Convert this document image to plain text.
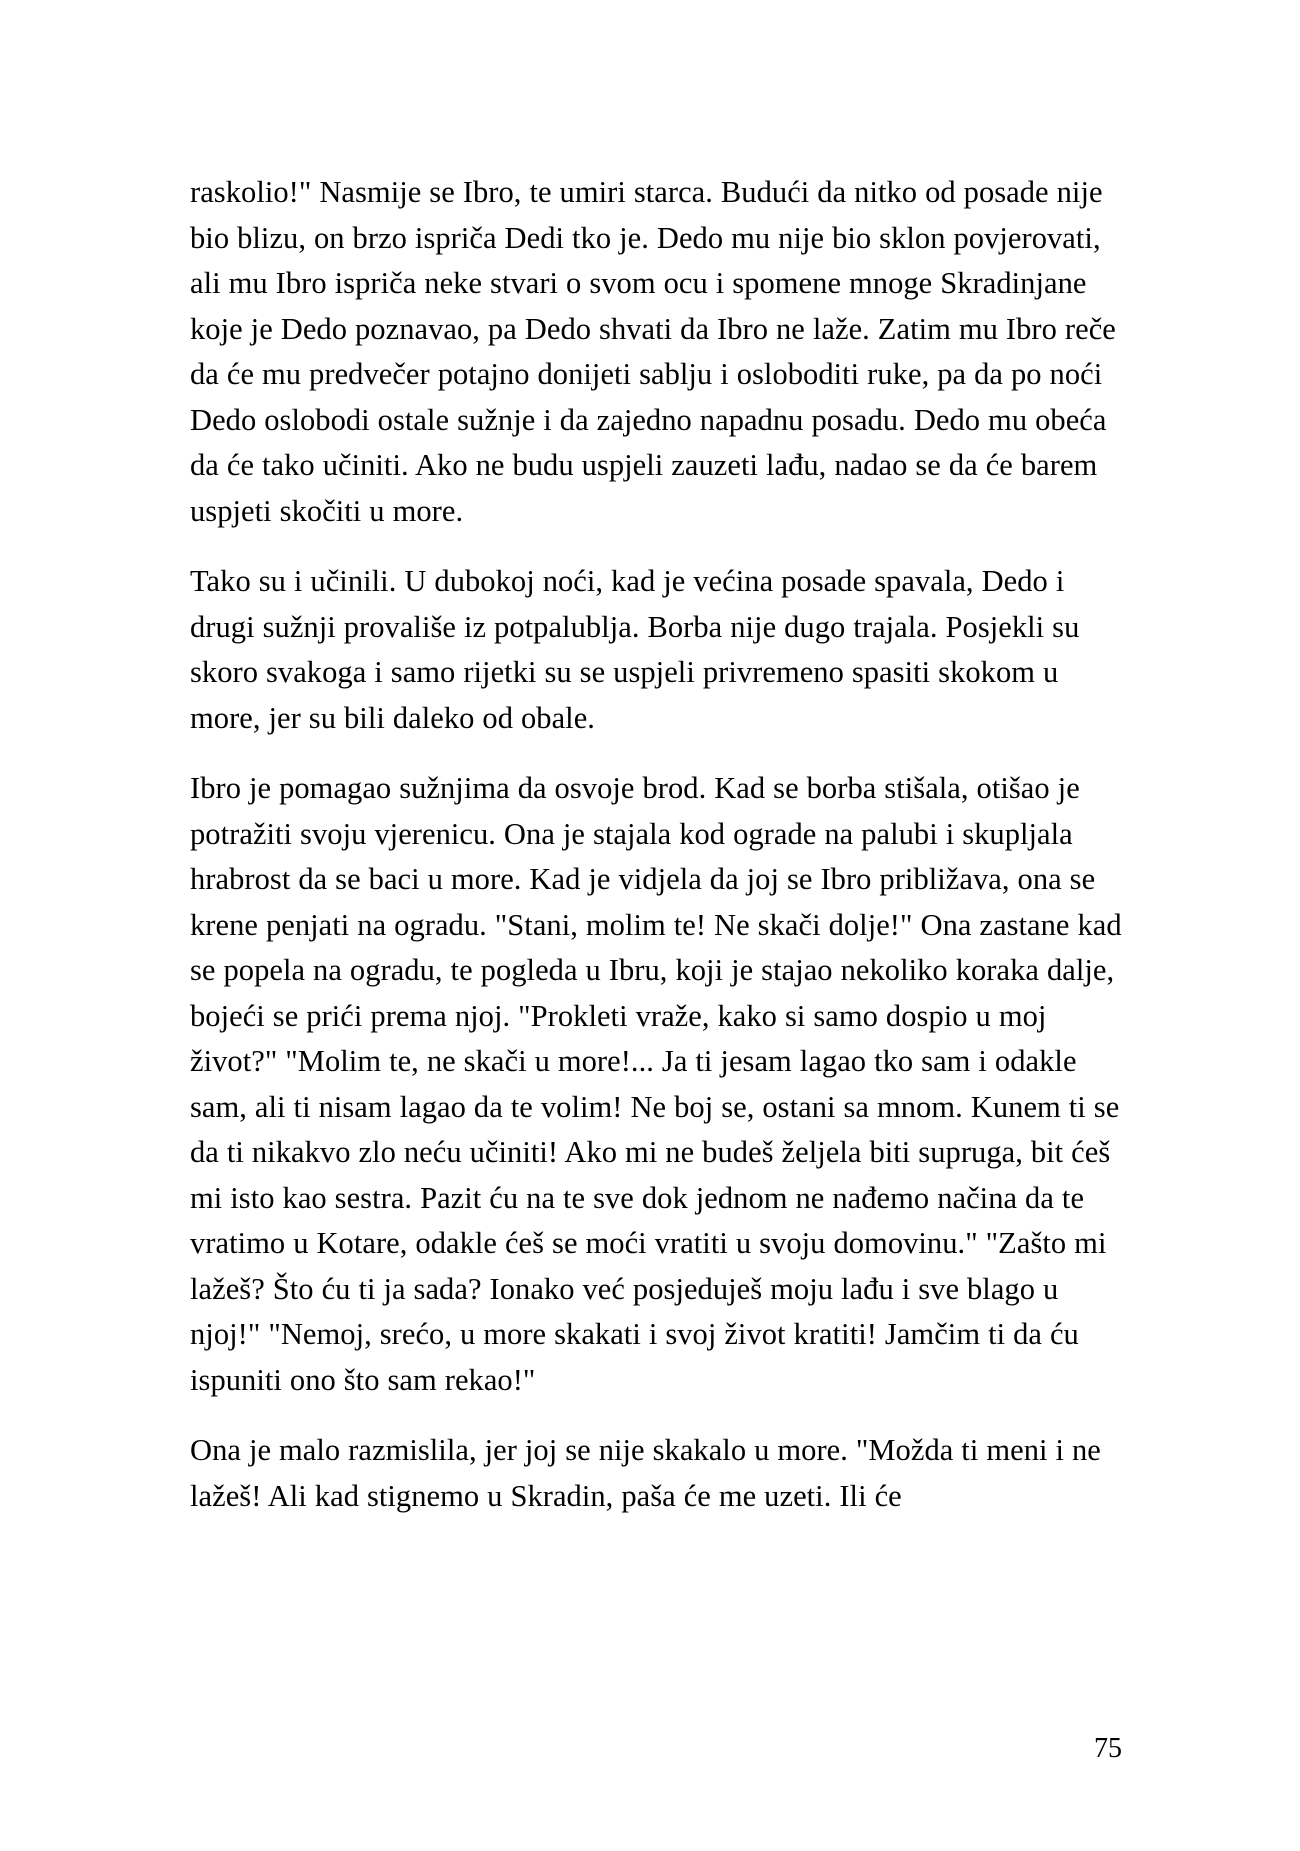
raskolio!" Nasmije se Ibro, te umiri starca. Budući da nitko od posade nije bio blizu, on brzo ispriča Dedi tko je. Dedo mu nije bio sklon povjerovati, ali mu Ibro ispriča neke stvari o svom ocu i spomene mnoge Skradinjane koje je Dedo poznavao, pa Dedo shvati da Ibro ne laže. Zatim mu Ibro reče da će mu predvečer potajno donijeti sablju i osloboditi ruke, pa da po noći Dedo oslobodi ostale sužnje i da zajedno napadnu posadu. Dedo mu obeća da će tako učiniti. Ako ne budu uspjeli zauzeti lađu, nadao se da će barem uspjeti skočiti u more.

Tako su i učinili. U dubokoj noći, kad je većina posade spavala, Dedo i drugi sužnji provališe iz potpalublja. Borba nije dugo trajala. Posjekli su skoro svakoga i samo rijetki su se uspjeli privremeno spasiti skokom u more, jer su bili daleko od obale.

Ibro je pomagao sužnjima da osvoje brod. Kad se borba stišala, otišao je potražiti svoju vjerenicu. Ona je stajala kod ograde na palubi i skupljala hrabrost da se baci u more. Kad je vidjela da joj se Ibro približava, ona se krene penjati na ogradu. "Stani, molim te! Ne skači dolje!" Ona zastane kad se popela na ogradu, te pogleda u Ibru, koji je stajao nekoliko koraka dalje, bojeći se prići prema njoj. "Prokleti vraže, kako si samo dospio u moj život?" "Molim te, ne skači u more!... Ja ti jesam lagao tko sam i odakle sam, ali ti nisam lagao da te volim! Ne boj se, ostani sa mnom. Kunem ti se da ti nikakvo zlo neću učiniti! Ako mi ne budeš željela biti supruga, bit ćeš mi isto kao sestra. Pazit ću na te sve dok jednom ne nađemo načina da te vratimo u Kotare, odakle ćeš se moći vratiti u svoju domovinu." "Zašto mi lažeš? Što ću ti ja sada? Ionako već posjeduješ moju lađu i sve blago u njoj!" "Nemoj, srećo, u more skakati i svoj život kratiti! Jamčim ti da ću ispuniti ono što sam rekao!"

Ona je malo razmislila, jer joj se nije skakalo u more. "Možda ti meni i ne lažeš! Ali kad stignemo u Skradin, paša će me uzeti. Ili će

75
